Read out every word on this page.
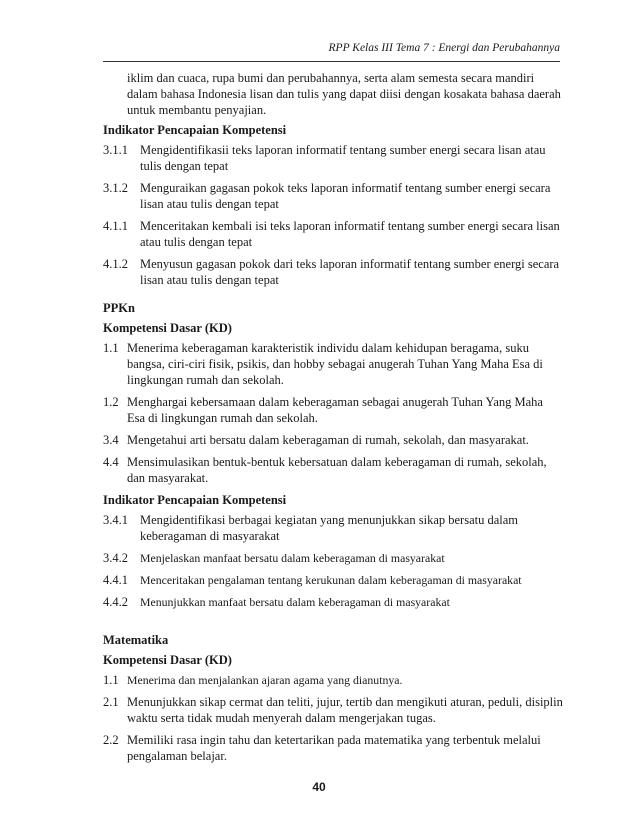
RPP Kelas III Tema 7 : Energi dan Perubahannya
iklim dan cuaca, rupa bumi dan perubahannya, serta alam semesta secara mandiri dalam bahasa Indonesia lisan dan tulis yang dapat diisi dengan kosakata bahasa daerah untuk membantu penyajian.
Indikator Pencapaian Kompetensi
3.1.1 Mengidentifikasii teks laporan informatif tentang sumber energi secara lisan atau tulis dengan tepat
3.1.2 Menguraikan gagasan pokok teks laporan informatif tentang sumber energi secara lisan atau tulis dengan tepat
4.1.1 Menceritakan kembali isi teks laporan informatif tentang sumber energi secara lisan atau tulis dengan tepat
4.1.2 Menyusun gagasan pokok dari teks laporan informatif tentang sumber energi secara lisan atau tulis dengan tepat
PPKn
Kompetensi Dasar (KD)
1.1 Menerima keberagaman karakteristik individu dalam kehidupan beragama, suku bangsa, ciri-ciri fisik, psikis, dan hobby sebagai anugerah Tuhan Yang Maha Esa di lingkungan rumah dan sekolah.
1.2 Menghargai kebersamaan dalam keberagaman sebagai anugerah Tuhan Yang Maha Esa di lingkungan rumah dan sekolah.
3.4 Mengetahui arti bersatu dalam keberagaman di rumah, sekolah, dan masyarakat.
4.4 Mensimulasikan bentuk-bentuk kebersatuan dalam keberagaman di rumah, sekolah, dan masyarakat.
Indikator Pencapaian Kompetensi
3.4.1 Mengidentifikasi berbagai kegiatan yang menunjukkan sikap bersatu dalam keberagaman di masyarakat
3.4.2	Menjelaskan manfaat bersatu dalam keberagaman di masyarakat
4.4.1	Menceritakan pengalaman tentang kerukunan dalam keberagaman di masyarakat
4.4.2	Menunjukkan manfaat bersatu dalam keberagaman di masyarakat
Matematika
Kompetensi Dasar (KD)
1.1 Menerima dan menjalankan ajaran agama yang dianutnya.
2.1 Menunjukkan sikap cermat dan teliti, jujur, tertib dan mengikuti aturan, peduli, disiplin waktu serta tidak mudah menyerah dalam mengerjakan tugas.
2.2 Memiliki rasa ingin tahu dan ketertarikan pada matematika yang terbentuk melalui pengalaman belajar.
40
